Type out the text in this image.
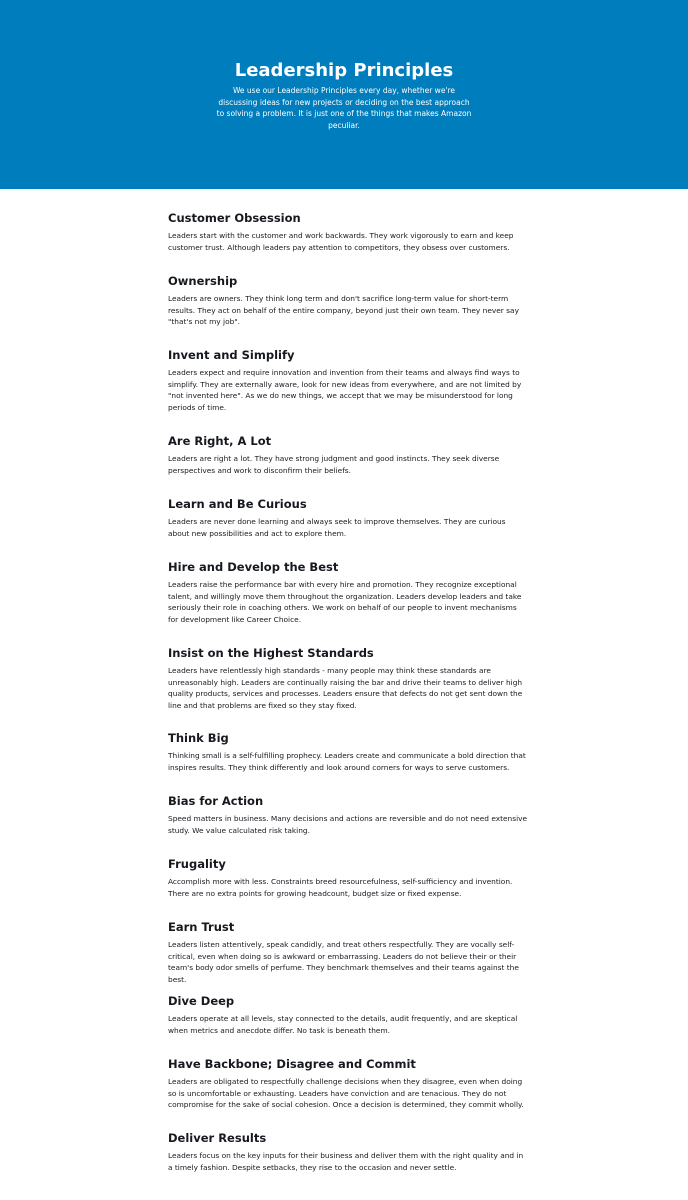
Leadership Principles

We use our Leadership Principles every day, whether we're discussing ideas for new projects or deciding on the best approach to solving a problem. It is just one of the things that makes Amazon peculiar.

Customer Obsession

Leaders start with the customer and work backwards. They work vigorously to earn and keep customer trust. Although leaders pay attention to competitors, they obsess over customers.

Ownership

Leaders are owners. They think long term and don't sacrifice long-term value for short-term results. They act on behalf of the entire company, beyond just their own team. They never say "that's not my job".

Invent and Simplify

Leaders expect and require innovation and invention from their teams and always find ways to simplify. They are externally aware, look for new ideas from everywhere, and are not limited by "not invented here". As we do new things, we accept that we may be misunderstood for long periods of time.

Are Right, A Lot

Leaders are right a lot. They have strong judgment and good instincts. They seek diverse perspectives and work to disconfirm their beliefs.

Learn and Be Curious

Leaders are never done learning and always seek to improve themselves. They are curious about new possibilities and act to explore them.

Hire and Develop the Best

Leaders raise the performance bar with every hire and promotion. They recognize exceptional talent, and willingly move them throughout the organization. Leaders develop leaders and take seriously their role in coaching others. We work on behalf of our people to invent mechanisms for development like Career Choice.

Insist on the Highest Standards

Leaders have relentlessly high standards - many people may think these standards are unreasonably high. Leaders are continually raising the bar and drive their teams to deliver high quality products, services and processes. Leaders ensure that defects do not get sent down the line and that problems are fixed so they stay fixed.

Think Big

Thinking small is a self-fulfilling prophecy. Leaders create and communicate a bold direction that inspires results. They think differently and look around corners for ways to serve customers.

Bias for Action

Speed matters in business. Many decisions and actions are reversible and do not need extensive study. We value calculated risk taking.

Frugality

Accomplish more with less. Constraints breed resourcefulness, self-sufficiency and invention. There are no extra points for growing headcount, budget size or fixed expense.

Earn Trust

Leaders listen attentively, speak candidly, and treat others respectfully. They are vocally self-critical, even when doing so is awkward or embarrassing. Leaders do not believe their or their team's body odor smells of perfume. They benchmark themselves and their teams against the best.

Dive Deep

Leaders operate at all levels, stay connected to the details, audit frequently, and are skeptical when metrics and anecdote differ. No task is beneath them.

Have Backbone; Disagree and Commit

Leaders are obligated to respectfully challenge decisions when they disagree, even when doing so is uncomfortable or exhausting. Leaders have conviction and are tenacious. They do not compromise for the sake of social cohesion. Once a decision is determined, they commit wholly.

Deliver Results

Leaders focus on the key inputs for their business and deliver them with the right quality and in a timely fashion. Despite setbacks, they rise to the occasion and never settle.
